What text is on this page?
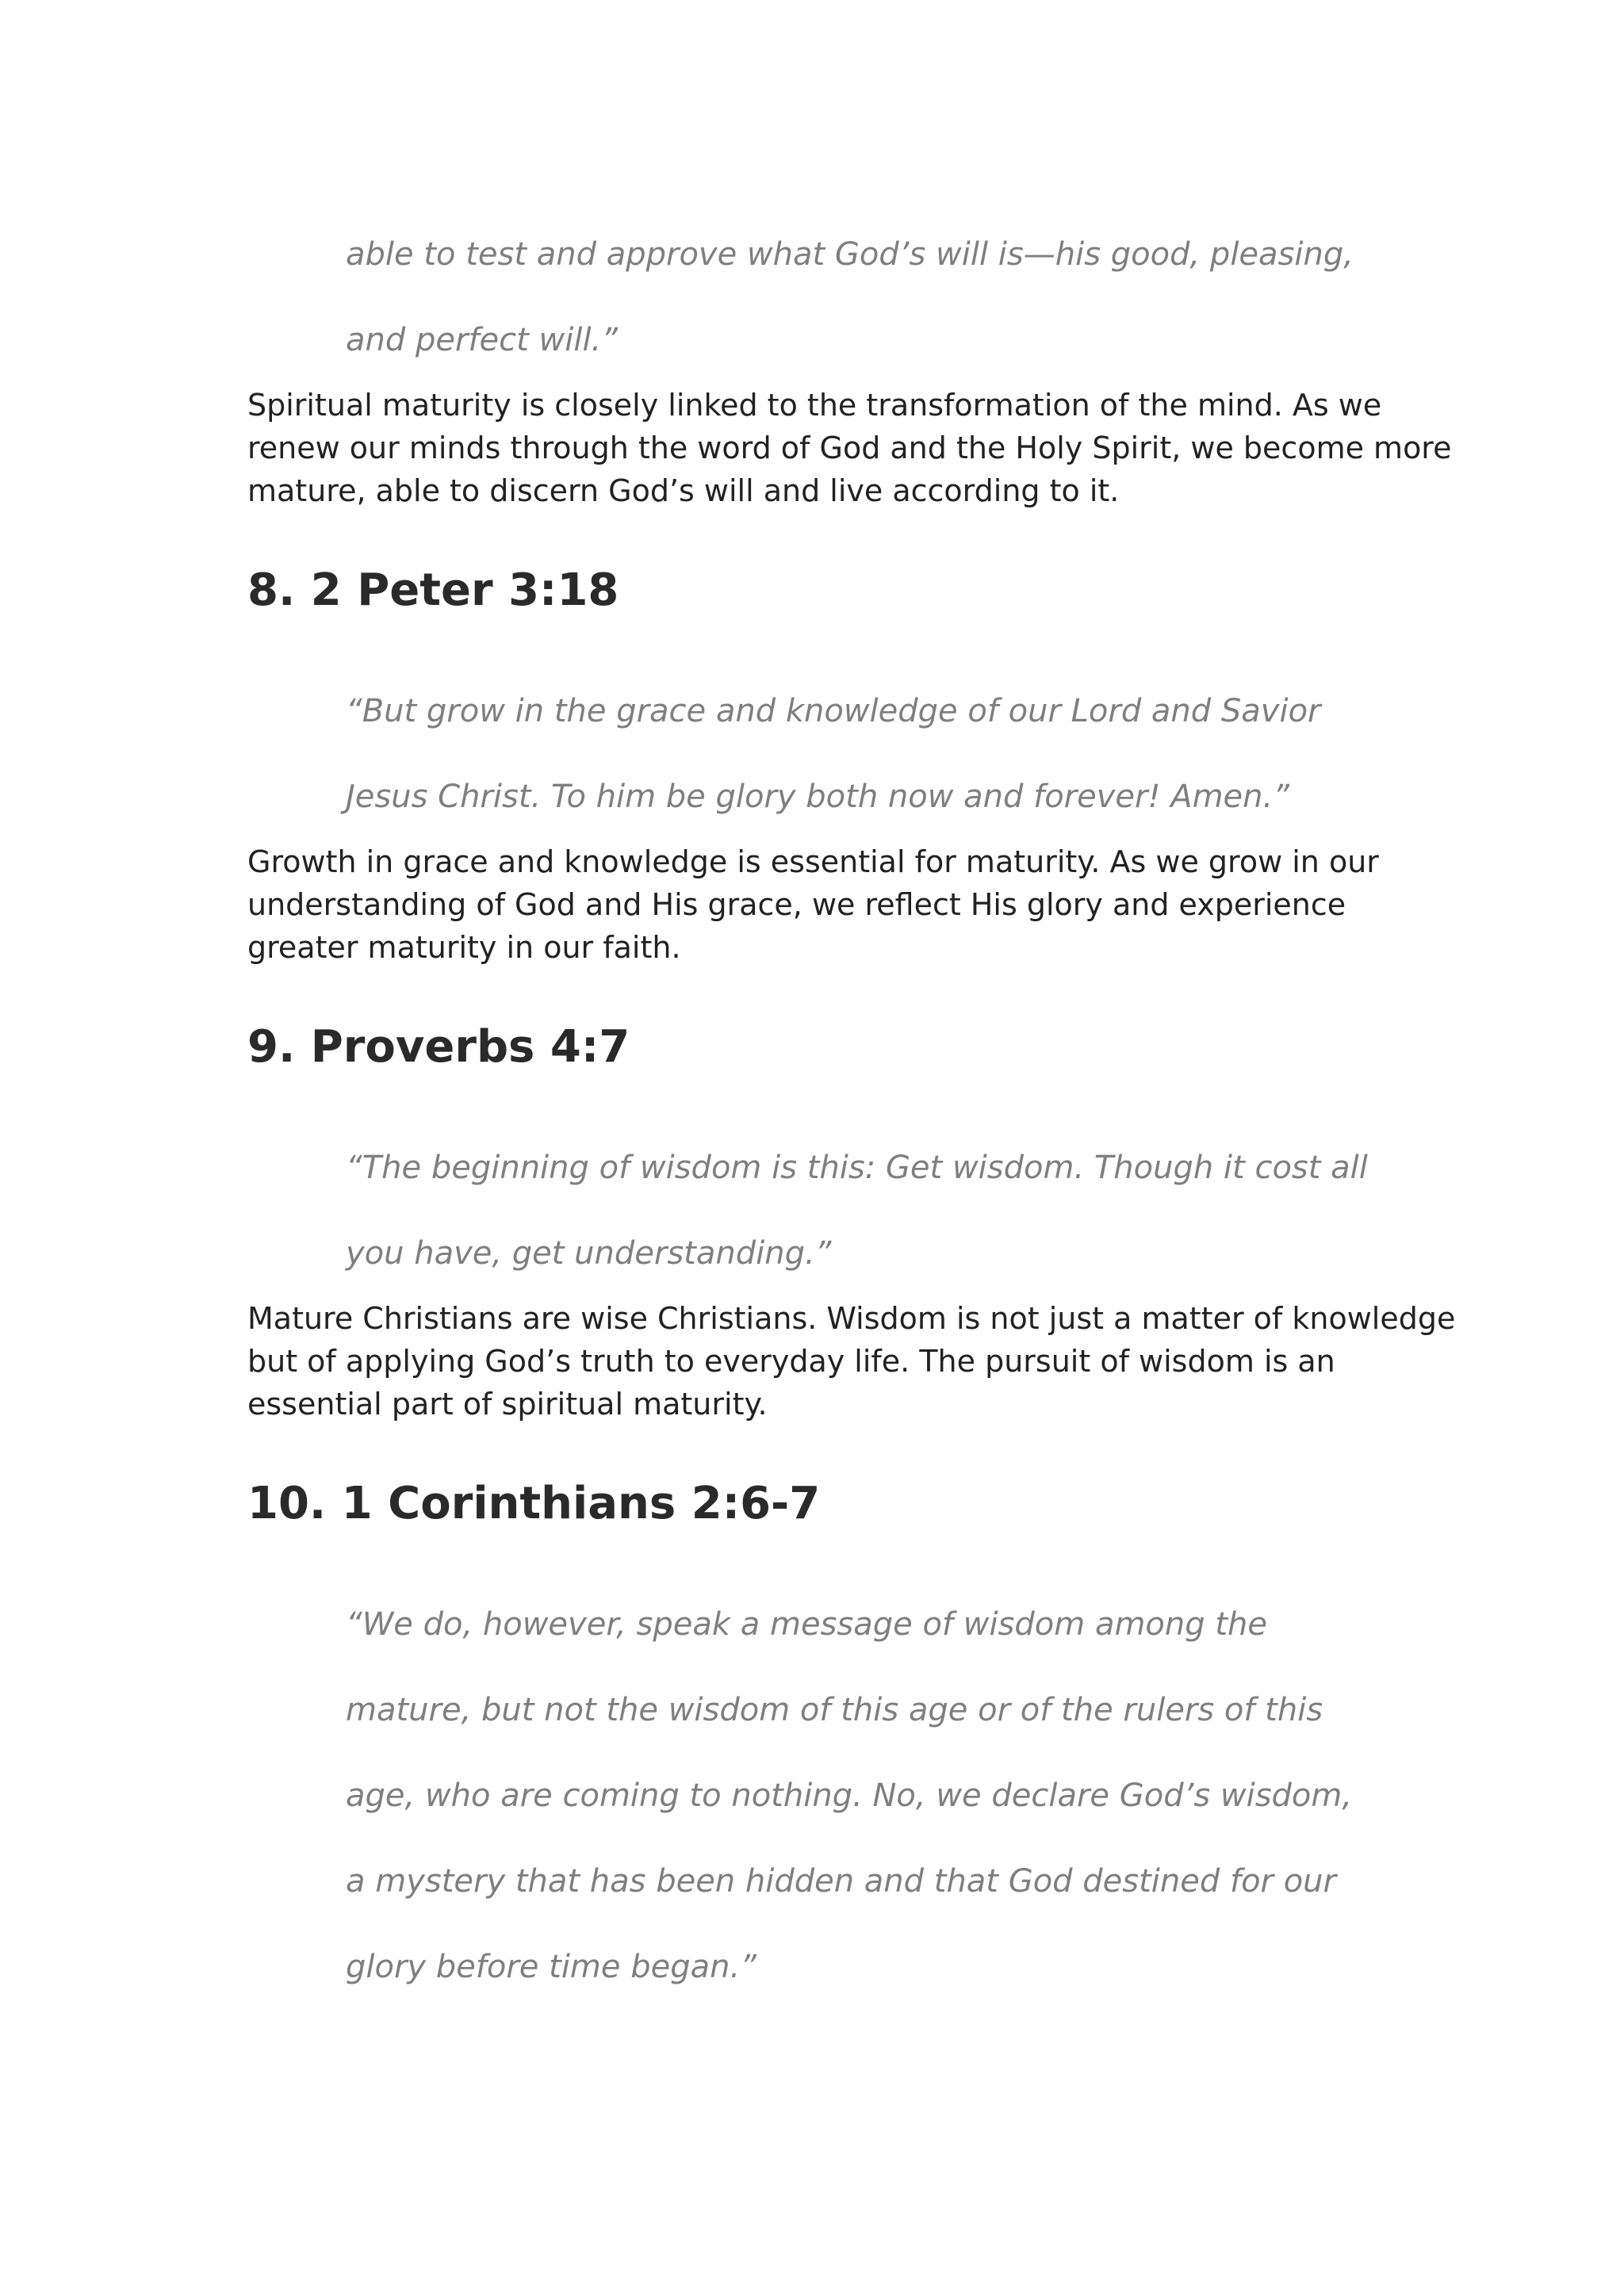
able to test and approve what God’s will is—his good, pleasing,
and perfect will.”
Spiritual maturity is closely linked to the transformation of the mind. As we
renew our minds through the word of God and the Holy Spirit, we become more
mature, able to discern God’s will and live according to it.
8. 2 Peter 3:18
“But grow in the grace and knowledge of our Lord and Savior
Jesus Christ. To him be glory both now and forever! Amen.”
Growth in grace and knowledge is essential for maturity. As we grow in our
understanding of God and His grace, we reflect His glory and experience
greater maturity in our faith.
9. Proverbs 4:7
“The beginning of wisdom is this: Get wisdom. Though it cost all
you have, get understanding.”
Mature Christians are wise Christians. Wisdom is not just a matter of knowledge
but of applying God’s truth to everyday life. The pursuit of wisdom is an
essential part of spiritual maturity.
10. 1 Corinthians 2:6-7
“We do, however, speak a message of wisdom among the
mature, but not the wisdom of this age or of the rulers of this
age, who are coming to nothing. No, we declare God’s wisdom,
a mystery that has been hidden and that God destined for our
glory before time began.”
